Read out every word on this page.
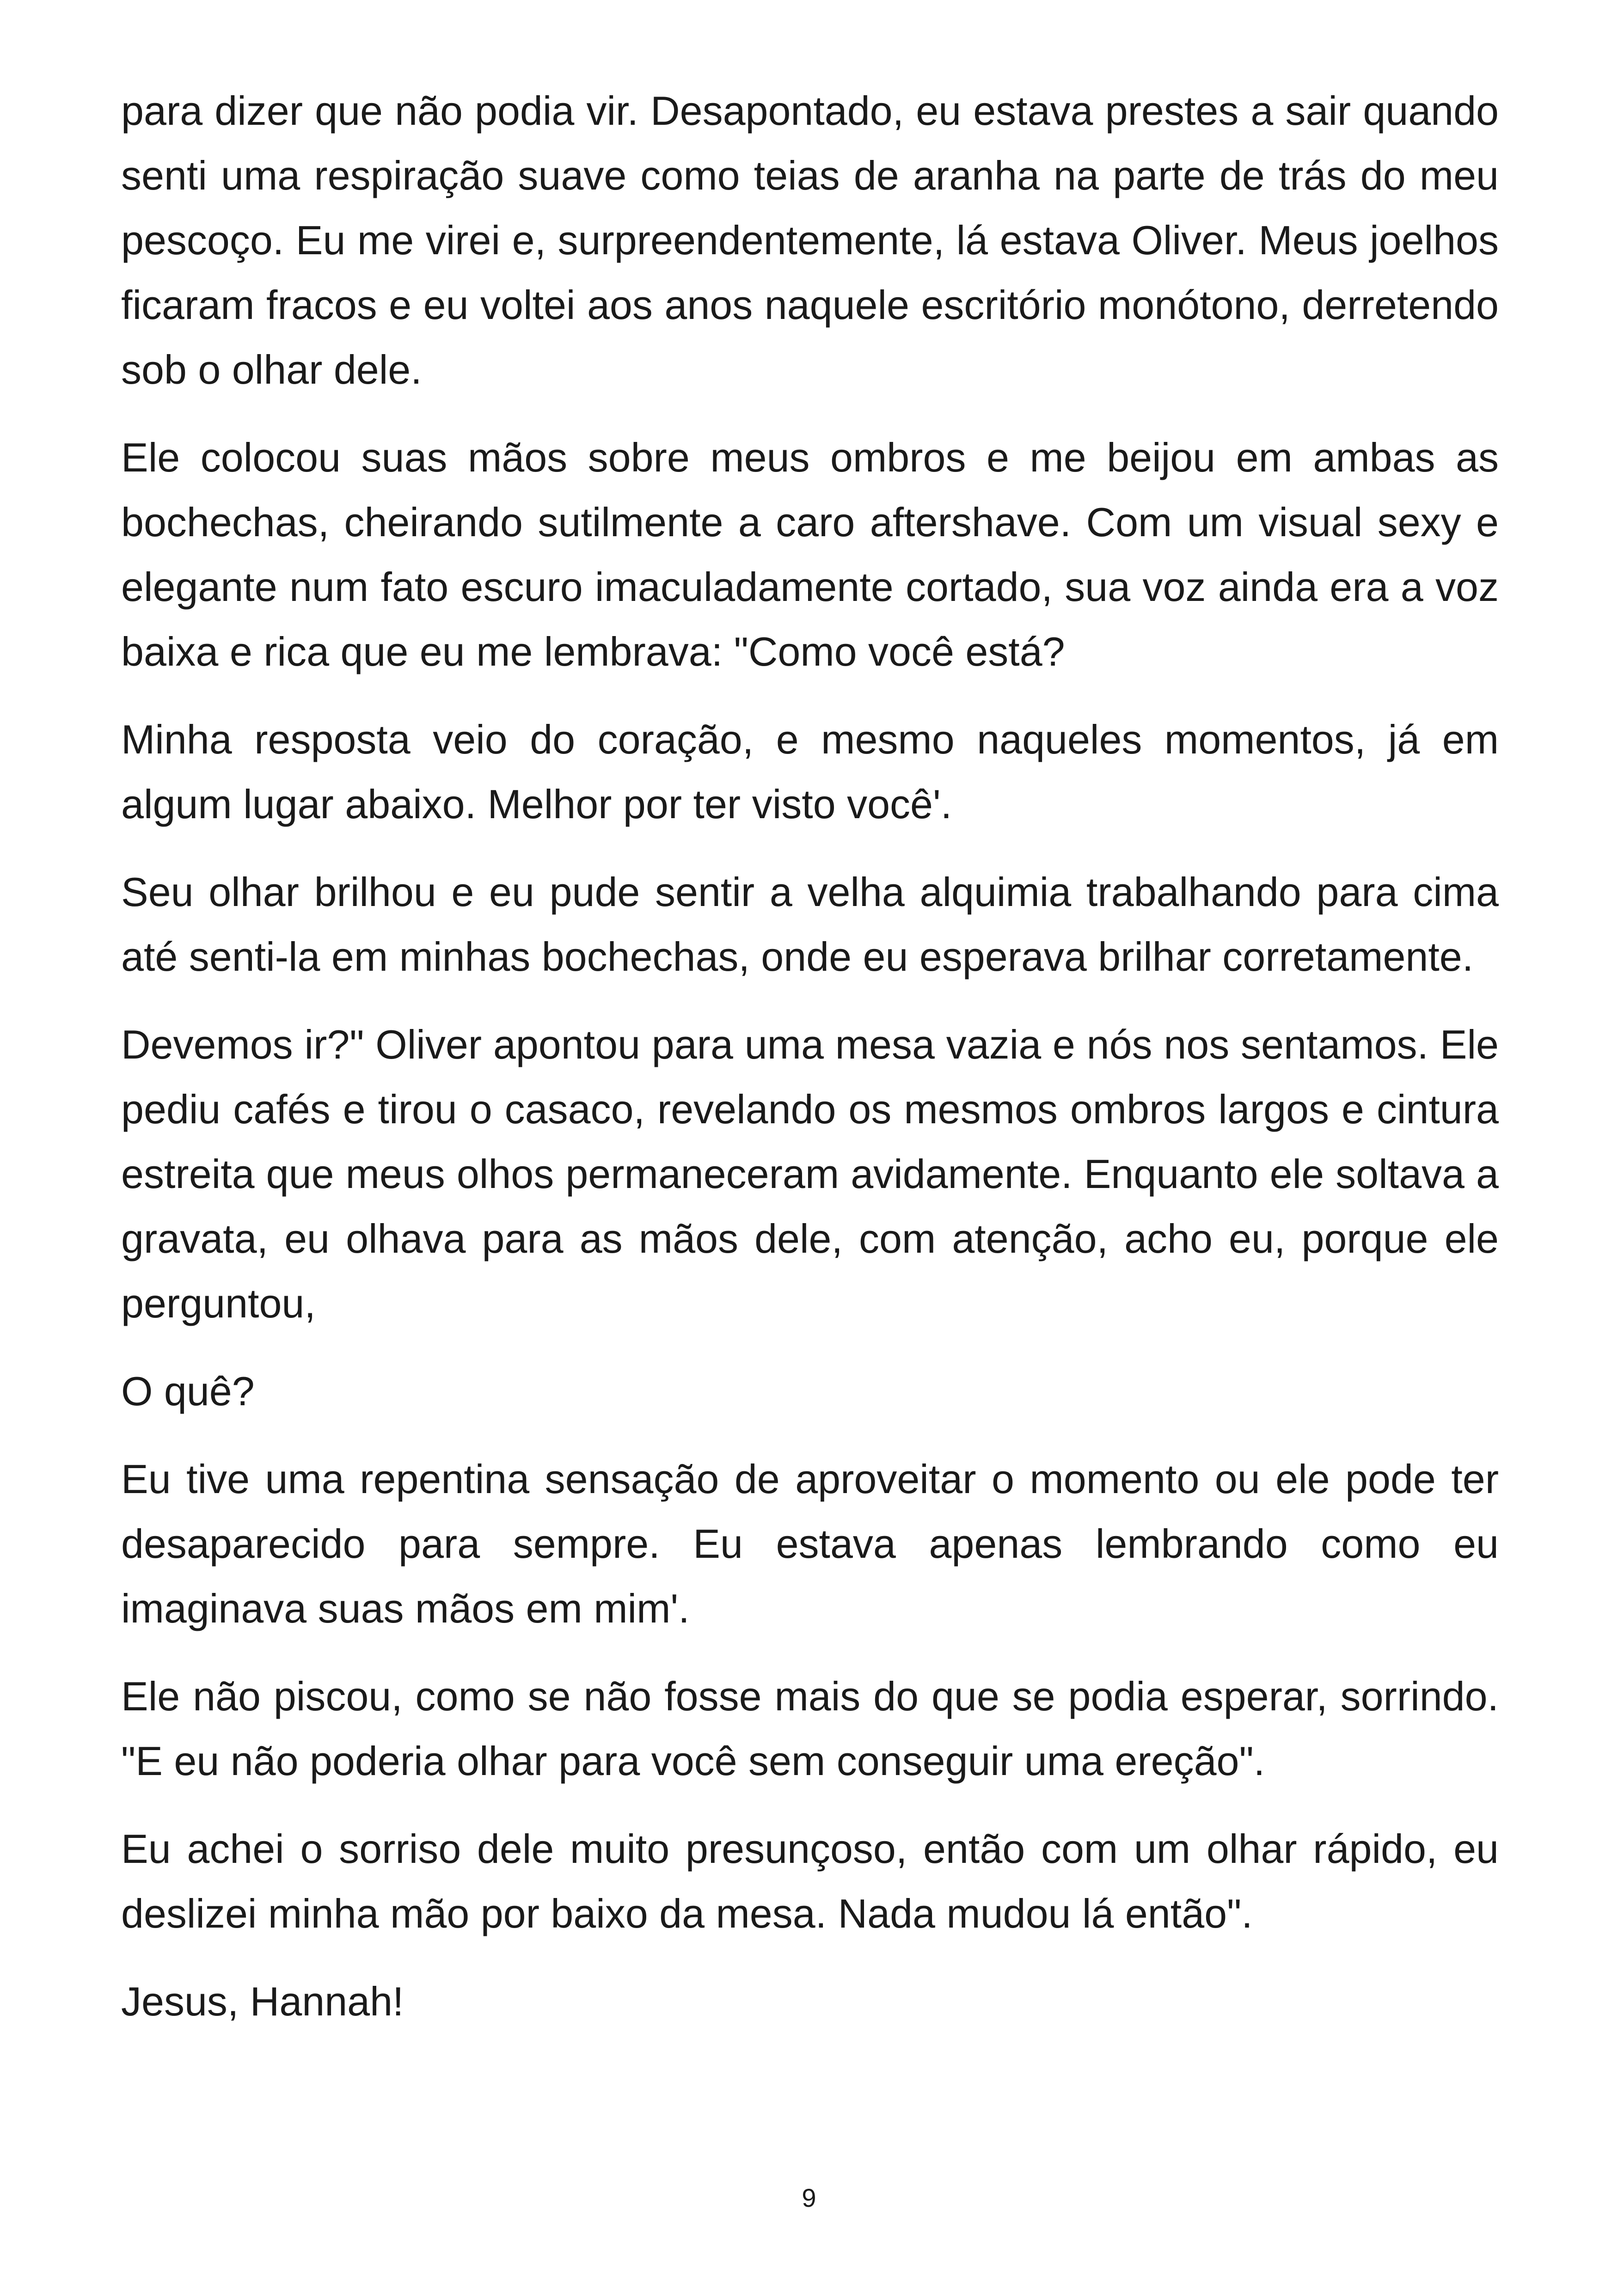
para dizer que não podia vir. Desapontado, eu estava prestes a sair quando senti uma respiração suave como teias de aranha na parte de trás do meu pescoço. Eu me virei e, surpreendentemente, lá estava Oliver. Meus joelhos ficaram fracos e eu voltei aos anos naquele escritório monótono, derretendo sob o olhar dele.

Ele colocou suas mãos sobre meus ombros e me beijou em ambas as bochechas, cheirando sutilmente a caro aftershave. Com um visual sexy e elegante num fato escuro imaculadamente cortado, sua voz ainda era a voz baixa e rica que eu me lembrava: "Como você está?

Minha resposta veio do coração, e mesmo naqueles momentos, já em algum lugar abaixo. Melhor por ter visto você'.

Seu olhar brilhou e eu pude sentir a velha alquimia trabalhando para cima até senti-la em minhas bochechas, onde eu esperava brilhar corretamente.

Devemos ir?" Oliver apontou para uma mesa vazia e nós nos sentamos. Ele pediu cafés e tirou o casaco, revelando os mesmos ombros largos e cintura estreita que meus olhos permaneceram avidamente. Enquanto ele soltava a gravata, eu olhava para as mãos dele, com atenção, acho eu, porque ele perguntou,

O quê?

Eu tive uma repentina sensação de aproveitar o momento ou ele pode ter desaparecido para sempre. Eu estava apenas lembrando como eu imaginava suas mãos em mim'.

Ele não piscou, como se não fosse mais do que se podia esperar, sorrindo. "E eu não poderia olhar para você sem conseguir uma ereção".

Eu achei o sorriso dele muito presunçoso, então com um olhar rápido, eu deslizei minha mão por baixo da mesa. Nada mudou lá então".

Jesus, Hannah!

9
